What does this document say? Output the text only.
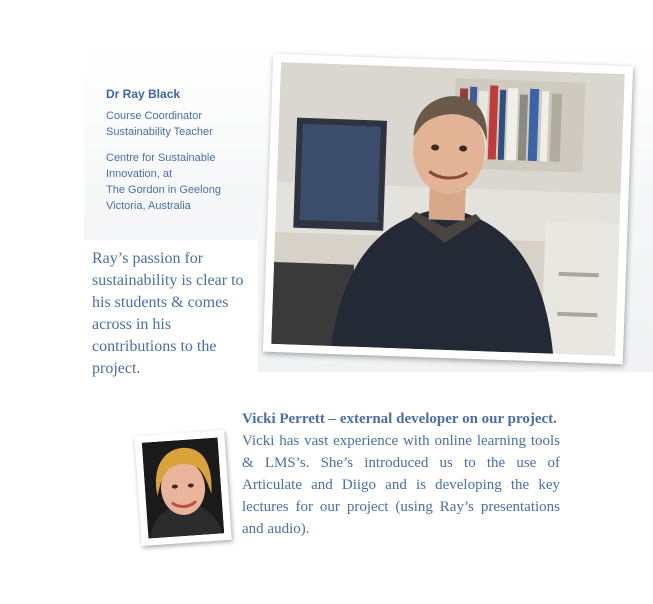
Dr Ray Black
Course Coordinator
Sustainability Teacher
Centre for Sustainable
Innovation, at
The Gordon in Geelong
Victoria, Australia
Ray’s passion for sustainability is clear to his students & comes across in his contributions to the project.
Vicki Perrett – external developer on our project.
Vicki has vast experience with online learning tools & LMS’s. She’s introduced us to the use of Articulate and Diigo and is developing the key lectures for our project (using Ray’s presentations and audio).
